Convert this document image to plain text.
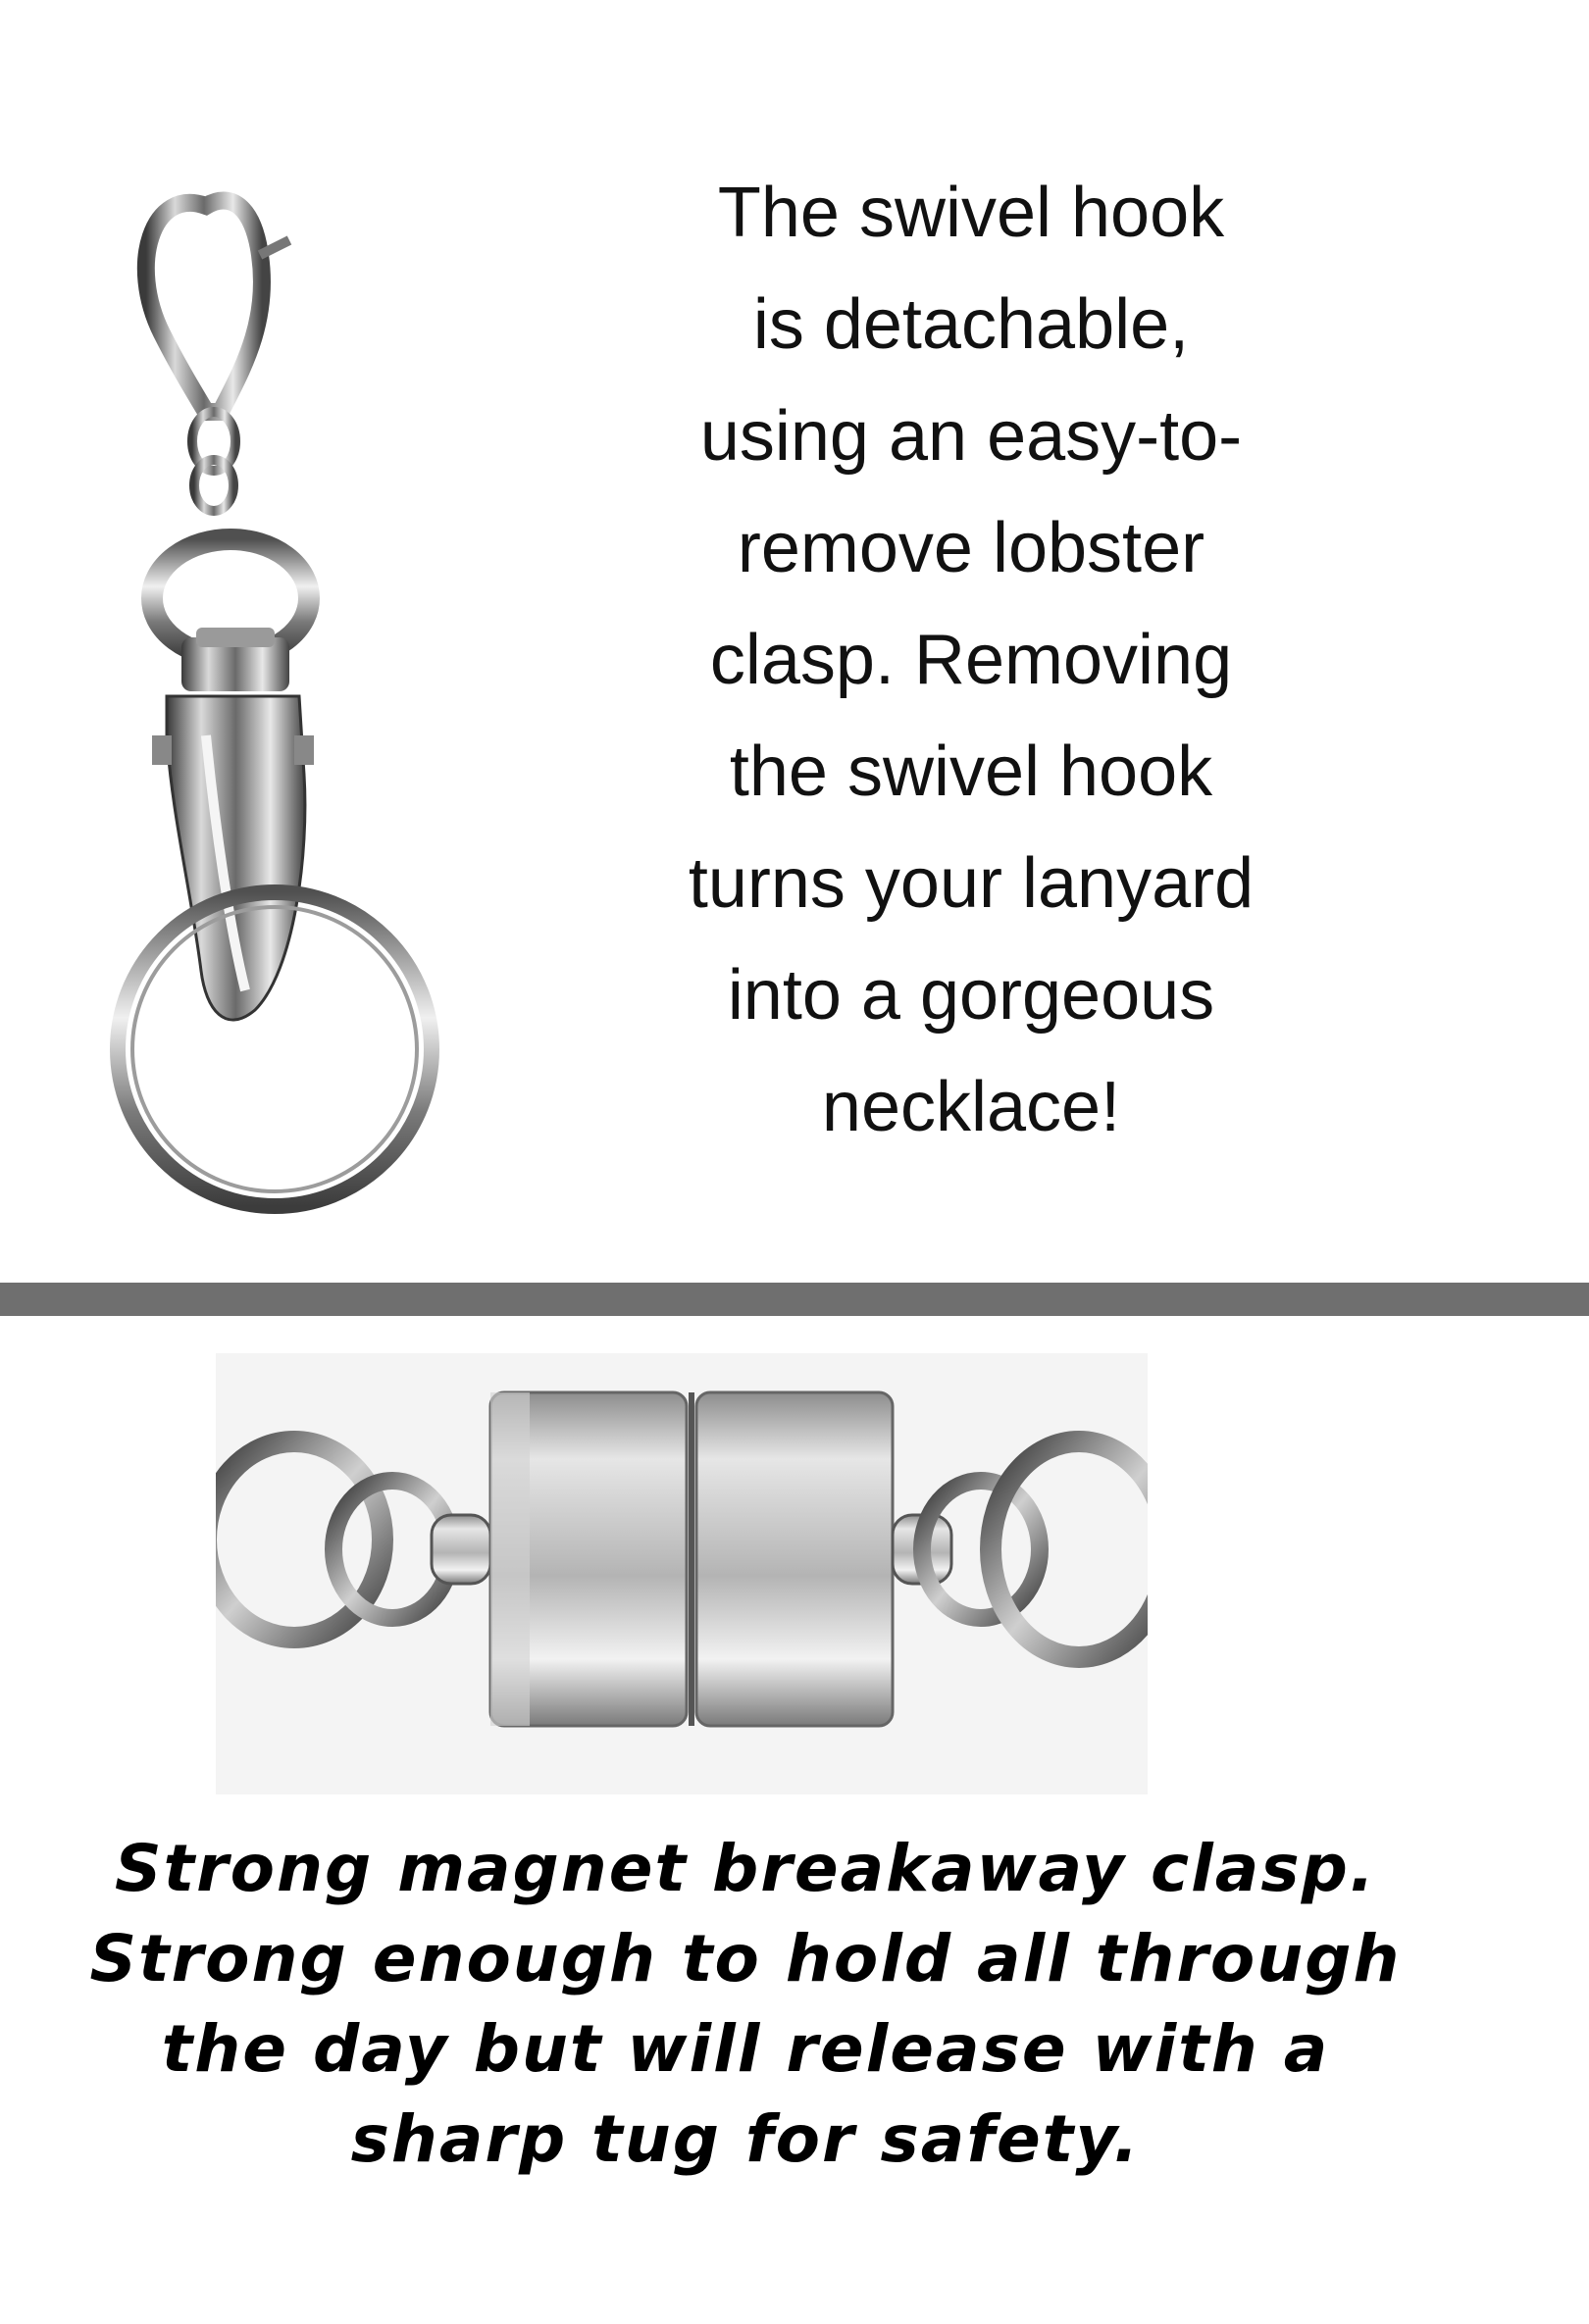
The swivel hook
is detachable,
using an easy-to-
remove lobster
clasp. Removing
the swivel hook
turns your lanyard
into a gorgeous
necklace!
Strong magnet breakaway clasp.
Strong enough to hold all through
the day but will release with a
sharp tug for safety.
